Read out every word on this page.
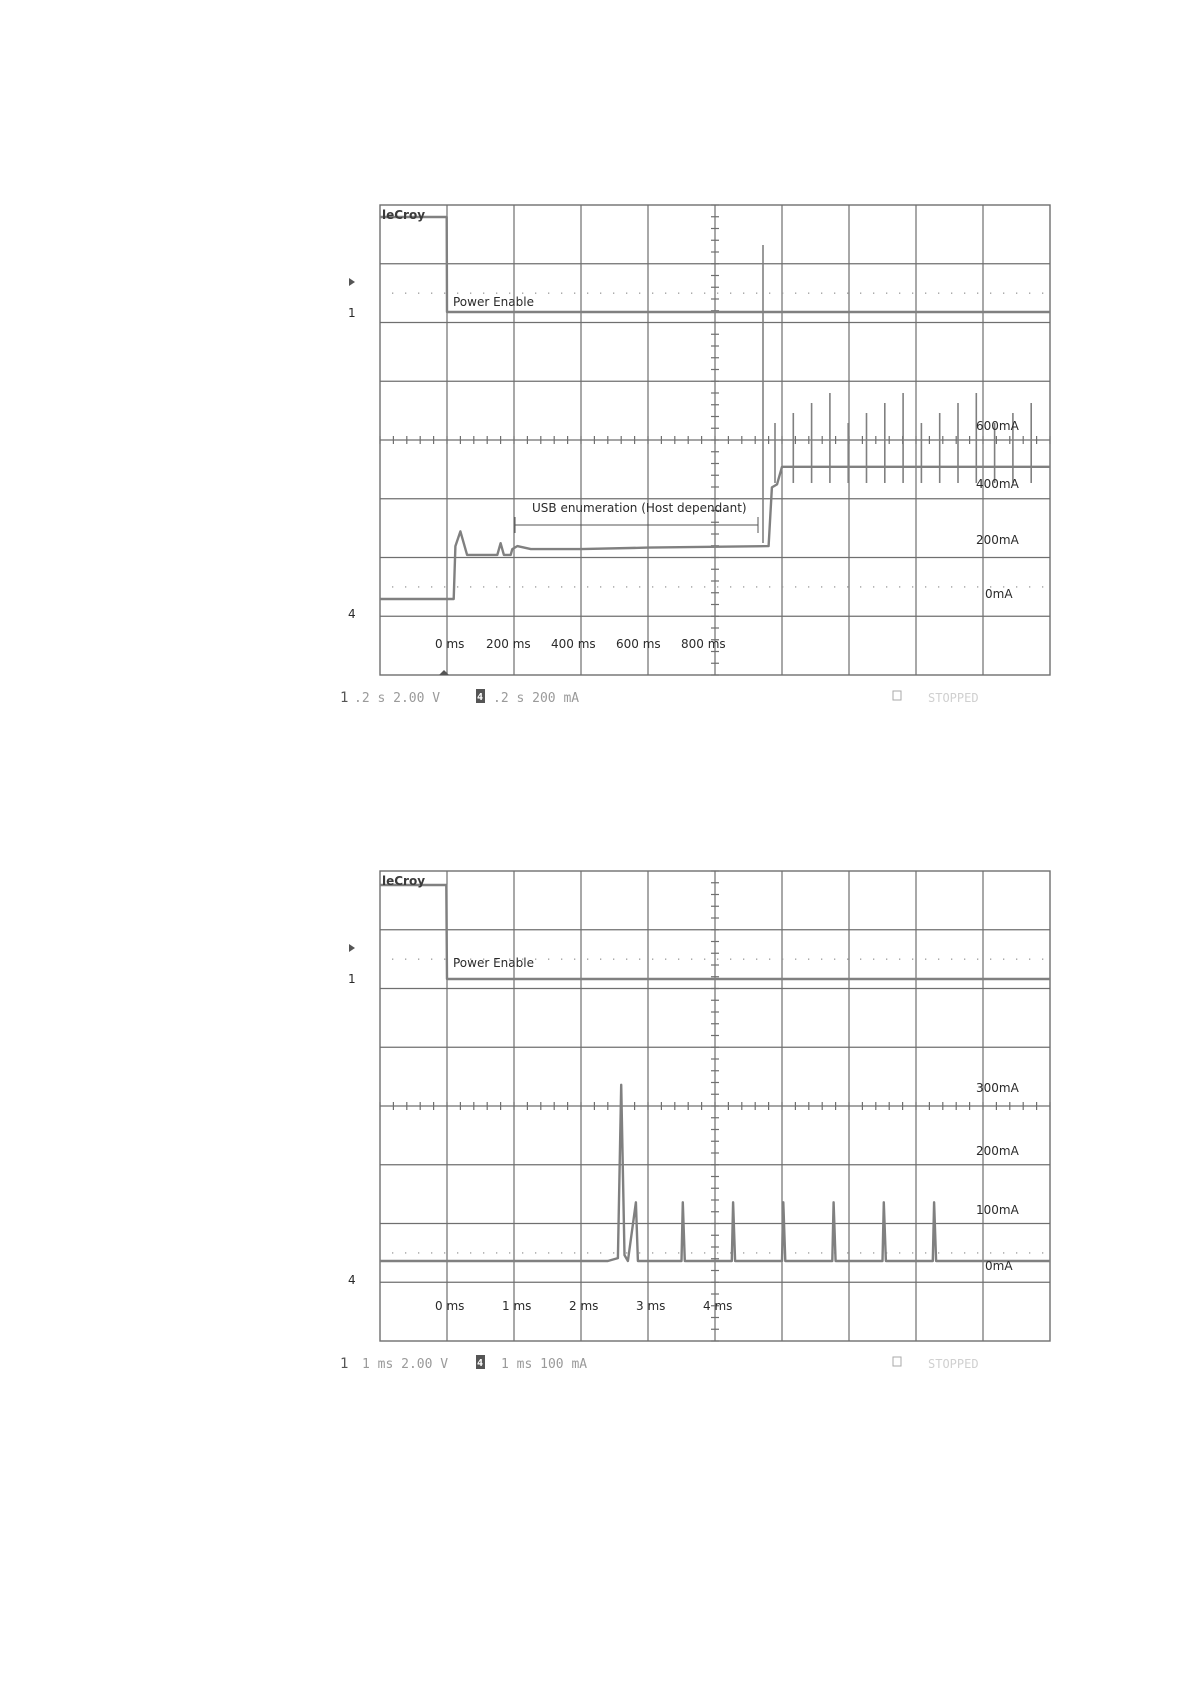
leCroy
1
4
Power Enable
USB enumeration (Host dependant)
0 ms 200 ms 400 ms 600 ms 800 ms
600mA
400mA
200mA
0mA
1 .2 s 2.00 V	4 .2 s 200 mA	STOPPED
leCroy
1
4
Power Enable
0 ms	1 ms	2 ms	3 ms	4 ms
300mA
200mA
100mA
0mA
1 1 ms 2.00 V	4 1 ms 100 mA	STOPPED
